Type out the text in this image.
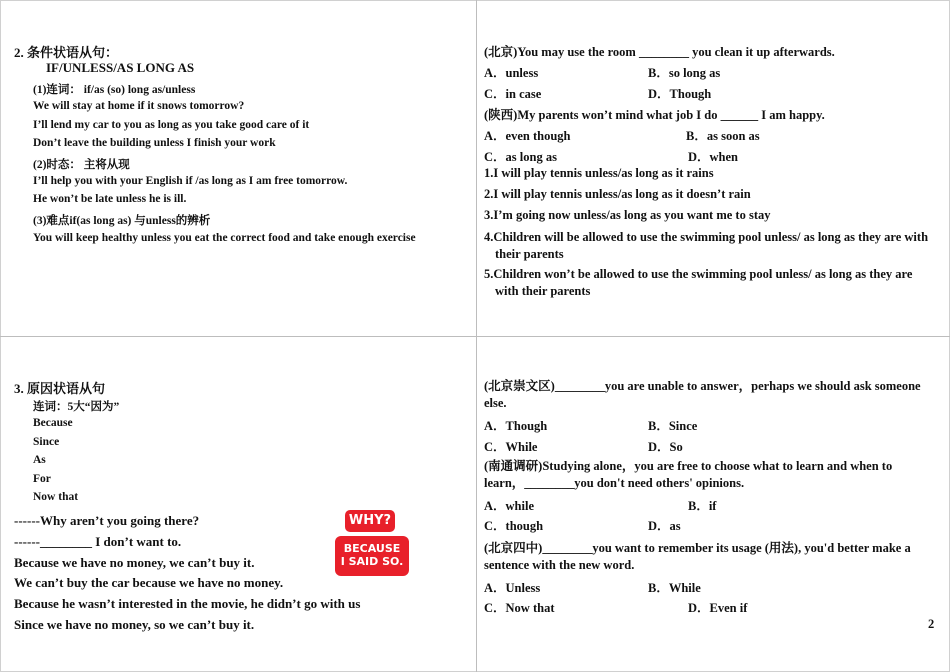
2. 条件状语从句：
IF/UNLESS/AS LONG AS
(1)连词： if/as (so) long as/unless
We will stay at home if it snows tomorrow?
I’ll lend my car to you as long as you take good care of it
Don’t leave the building unless I finish your work
(2)时态： 主将从现
I’ll help you with your English if /as long as I am free tomorrow.
He won’t be late unless he is ill.
(3)难点if(as long as) 与unless的辨析
You will keep healthy unless you eat the correct food and take enough exercise
(北京)You may use the room ________ you clean it up afterwards.
A．unless	B．so long as
C．in case	D．Though
(陕西)My parents won’t mind what job I do ______ I am happy.
A．even though	B．as soon as
C．as long as	D．when
1.I will play tennis unless/as long as it rains
2.I will play tennis unless/as long as it doesn’t rain
3.I’m going now unless/as long as you want me to stay
4.Children will be allowed to use the swimming pool unless/ as long as they are with their parents
5.Children won’t be allowed to use the swimming pool unless/ as long as they are with their parents
3. 原因状语从句
连词：5大“因为”
Because
Since
As
For
Now that
------Why aren’t you going there?
------________ I don’t want to.
Because we have no money, we can’t buy it.
We can’t buy the car because we have no money.
Because he wasn’t interested in the movie, he didn’t go with us
Since we have no money, so we can’t buy it.
WHY?
BECAUSE
I SAID SO.
(北京崇文区)________you are unable to answer，perhaps we should ask someone else.
A．Though	B．Since
C．While	D．So
(南通调研)Studying alone，you are free to choose what to learn and when to learn，________you don't need others' opinions.
A．while	B．if
C．though	D．as
(北京四中)________you want to remember its usage (用法), you'd better make a sentence with the new word.
A．Unless	B．While
C．Now that	D．Even if
2
